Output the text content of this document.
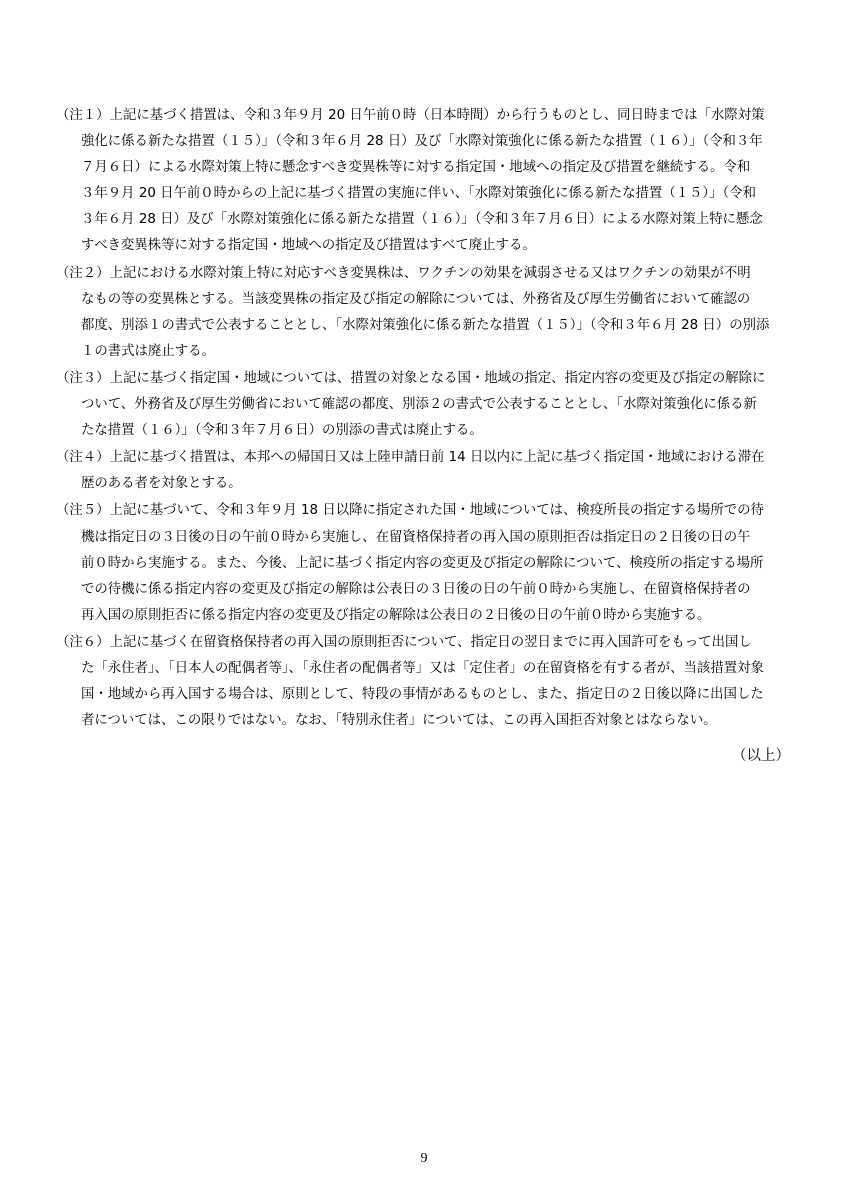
（注１）上記に基づく措置は、令和３年９月 20 日午前０時（日本時間）から行うものとし、同日時までは「水際対策
強化に係る新たな措置（１５）」（令和３年６月 28 日）及び「水際対策強化に係る新たな措置（１６）」（令和３年
７月６日）による水際対策上特に懸念すべき変異株等に対する指定国・地域への指定及び措置を継続する。令和
３年９月 20 日午前０時からの上記に基づく措置の実施に伴い、「水際対策強化に係る新たな措置（１５）」（令和
３年６月 28 日）及び「水際対策強化に係る新たな措置（１６）」（令和３年７月６日）による水際対策上特に懸念
すべき変異株等に対する指定国・地域への指定及び措置はすべて廃止する。
（注２）上記における水際対策上特に対応すべき変異株は、ワクチンの効果を減弱させる又はワクチンの効果が不明
なもの等の変異株とする。当該変異株の指定及び指定の解除については、外務省及び厚生労働省において確認の
都度、別添１の書式で公表することとし、「水際対策強化に係る新たな措置（１５）」（令和３年６月 28 日）の別添
１の書式は廃止する。
（注３）上記に基づく指定国・地域については、措置の対象となる国・地域の指定、指定内容の変更及び指定の解除に
ついて、外務省及び厚生労働省において確認の都度、別添２の書式で公表することとし、「水際対策強化に係る新
たな措置（１６）」（令和３年７月６日）の別添の書式は廃止する。
（注４）上記に基づく措置は、本邦への帰国日又は上陸申請日前 14 日以内に上記に基づく指定国・地域における滞在
歴のある者を対象とする。
（注５）上記に基づいて、令和３年９月 18 日以降に指定された国・地域については、検疫所長の指定する場所での待
機は指定日の３日後の日の午前０時から実施し、在留資格保持者の再入国の原則拒否は指定日の２日後の日の午
前０時から実施する。また、今後、上記に基づく指定内容の変更及び指定の解除について、検疫所の指定する場所
での待機に係る指定内容の変更及び指定の解除は公表日の３日後の日の午前０時から実施し、在留資格保持者の
再入国の原則拒否に係る指定内容の変更及び指定の解除は公表日の２日後の日の午前０時から実施する。
（注６）上記に基づく在留資格保持者の再入国の原則拒否について、指定日の翌日までに再入国許可をもって出国し
た「永住者」、「日本人の配偶者等」、「永住者の配偶者等」又は「定住者」の在留資格を有する者が、当該措置対象
国・地域から再入国する場合は、原則として、特段の事情があるものとし、また、指定日の２日後以降に出国した
者については、この限りではない。なお、「特別永住者」については、この再入国拒否対象とはならない。
（以上）
9
